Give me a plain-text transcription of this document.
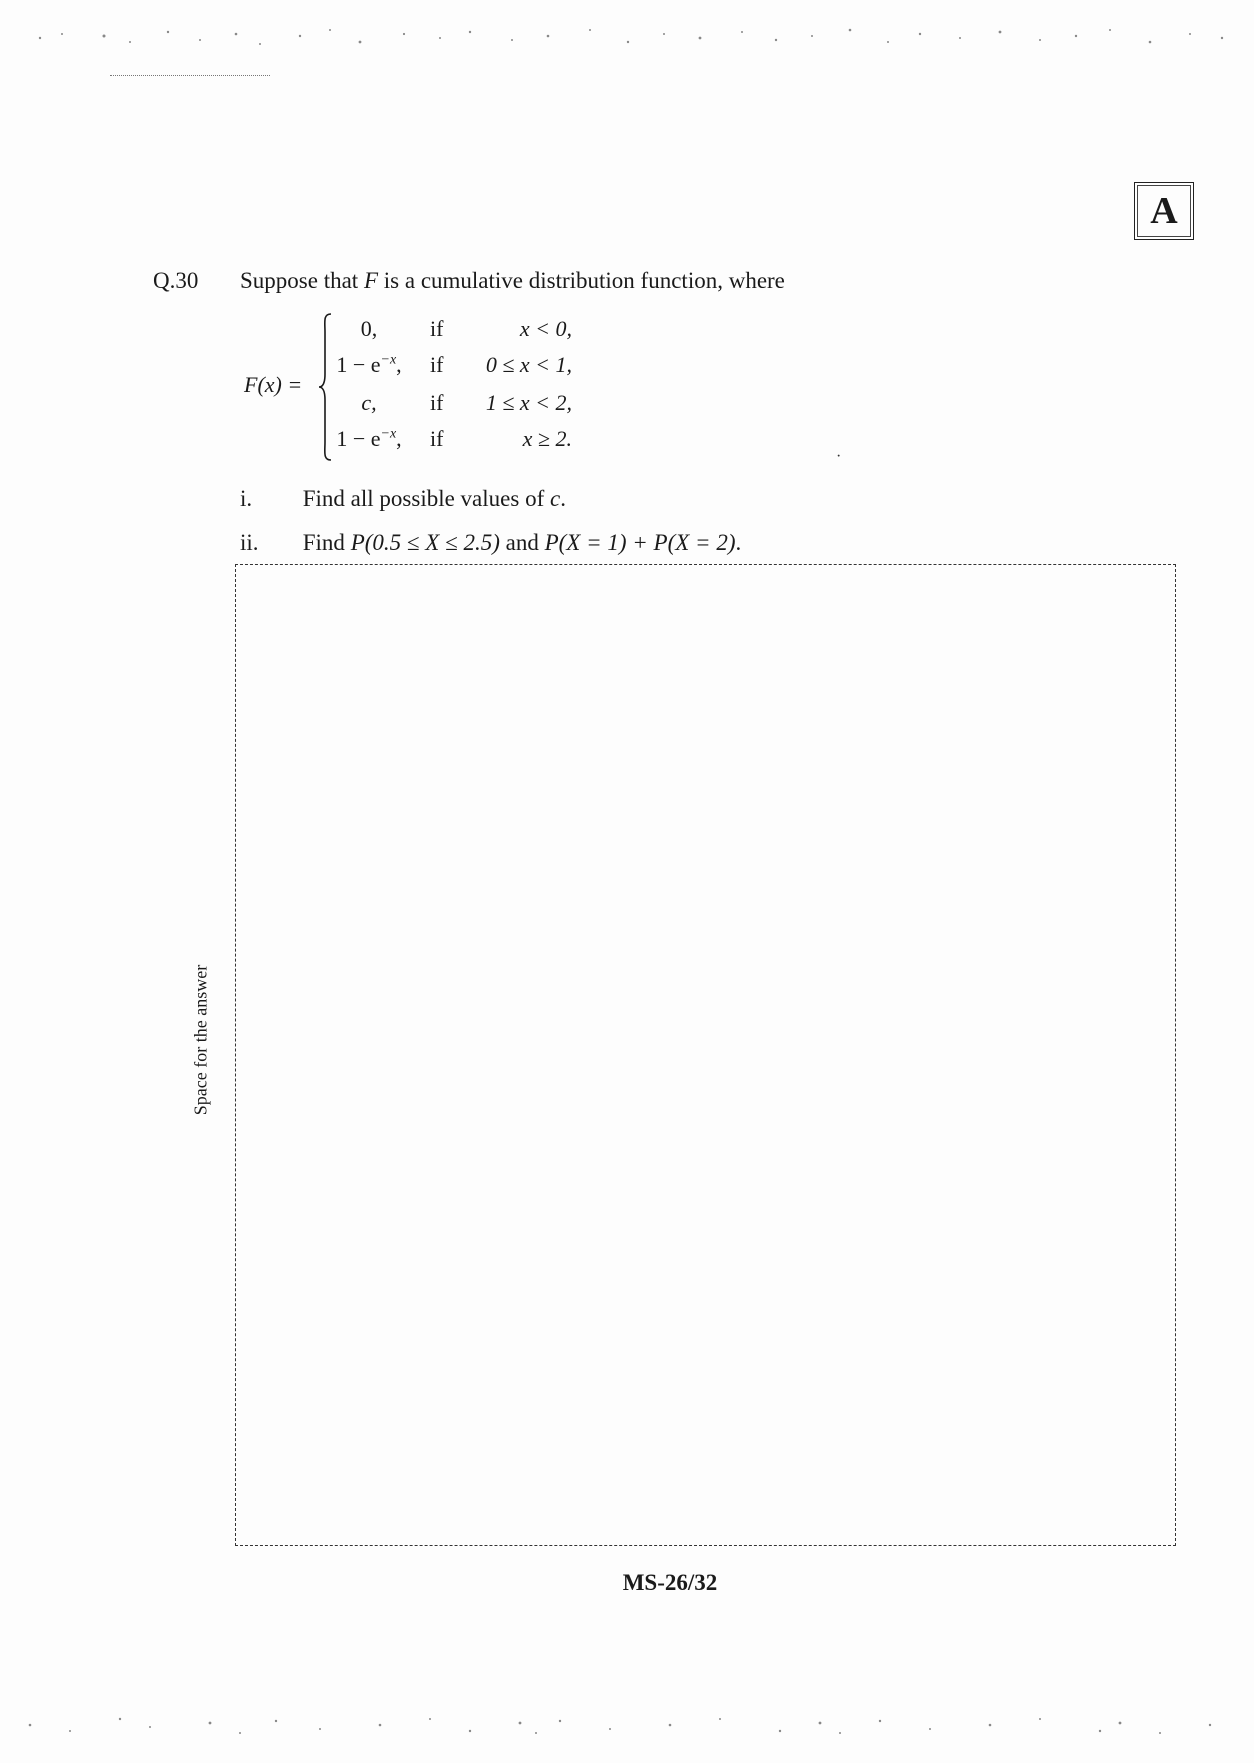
A
Q.30 Suppose that F is a cumulative distribution function, where
F(x) =
0,	if	x < 0,
$1 - e^{-x}$,	if	0 ≤ x < 1,
c,	if	1 ≤ x < 2,
$1 - e^{-x}$,	if	x ≥ 2.
i. Find all possible values of c.
ii. Find P(0.5 ≤ X ≤ 2.5) and P(X = 1) + P(X = 2).
Space for the answer
·
MS-26/32
